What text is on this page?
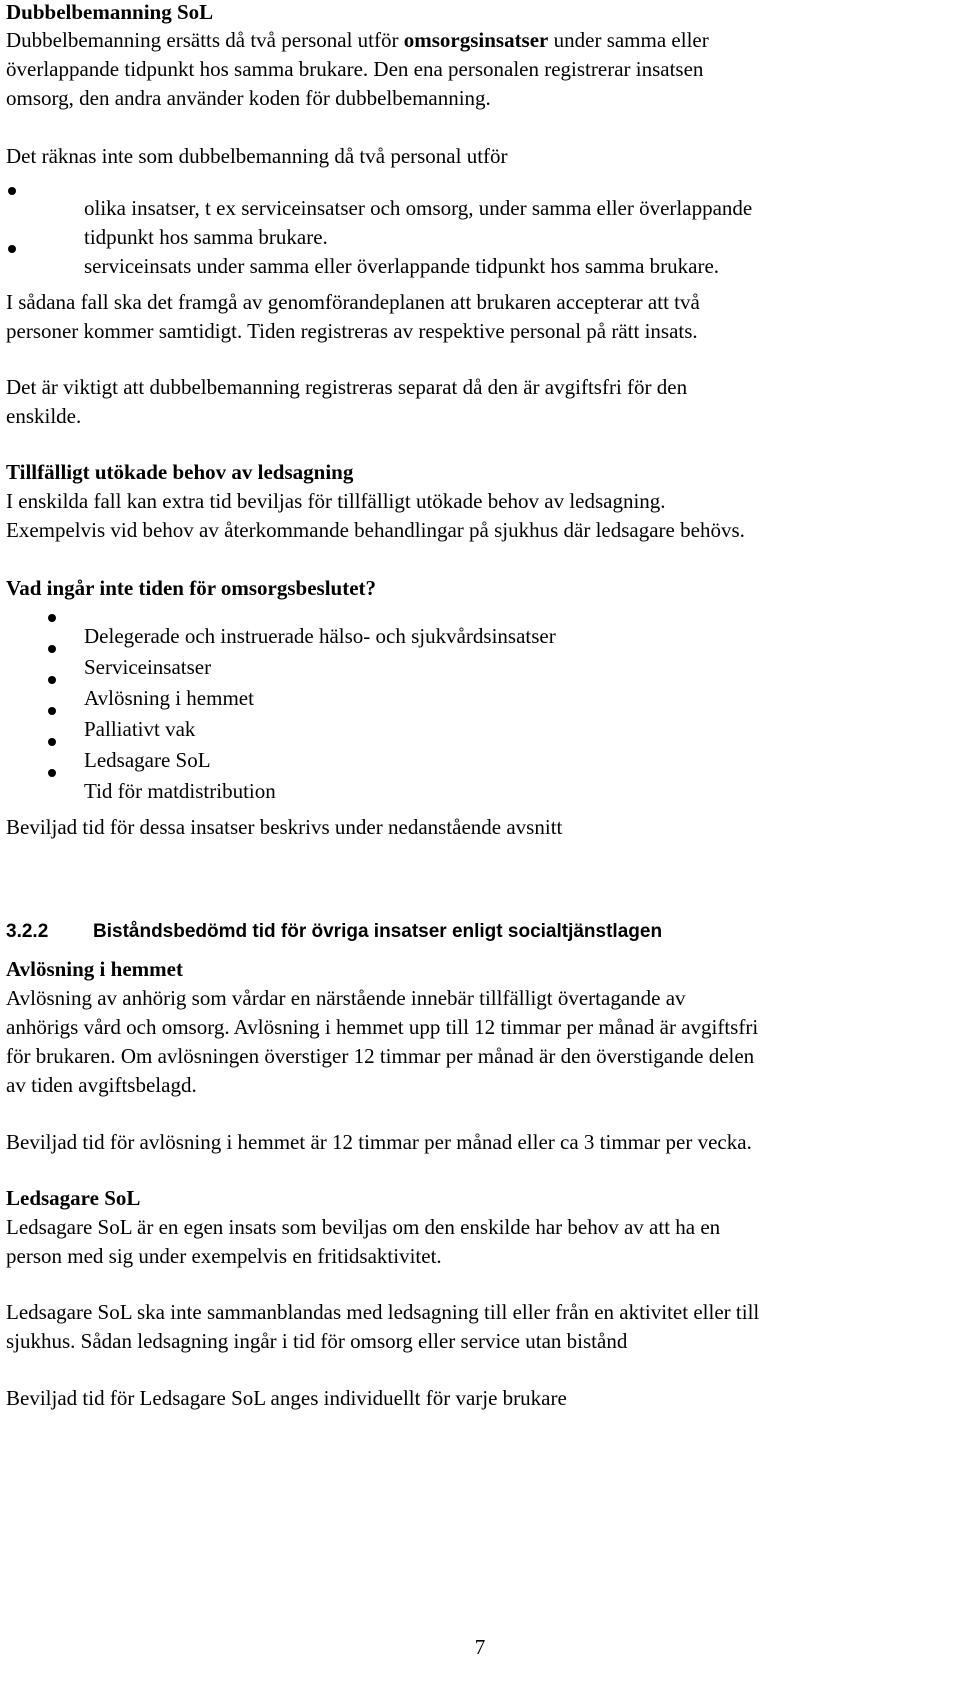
Dubbelbemanning SoL

Dubbelbemanning ersätts då två personal utför omsorgsinsatser under samma eller

överlappande tidpunkt hos samma brukare. Den ena personalen registrerar insatsen

omsorg, den andra använder koden för dubbelbemanning.

Det räknas inte som dubbelbemanning då två personal utför

olika insatser, t ex serviceinsatser och omsorg, under samma eller överlappande

tidpunkt hos samma brukare.

serviceinsats under samma eller överlappande tidpunkt hos samma brukare.

I sådana fall ska det framgå av genomförandeplanen att brukaren accepterar att två

personer kommer samtidigt. Tiden registreras av respektive personal på rätt insats.

Det är viktigt att dubbelbemanning registreras separat då den är avgiftsfri för den

enskilde.

Tillfälligt utökade behov av ledsagning

I enskilda fall kan extra tid beviljas för tillfälligt utökade behov av ledsagning.

Exempelvis vid behov av återkommande behandlingar på sjukhus där ledsagare behövs.

Vad ingår inte tiden för omsorgsbeslutet?

Delegerade och instruerade hälso- och sjukvårdsinsatser

Serviceinsatser

Avlösning i hemmet

Palliativt vak

Ledsagare SoL

Tid för matdistribution

Beviljad tid för dessa insatser beskrivs under nedanstående avsnitt

3.2.2 Biståndsbedömd tid för övriga insatser enligt socialtjänstlagen

Avlösning i hemmet

Avlösning av anhörig som vårdar en närstående innebär tillfälligt övertagande av

anhörigs vård och omsorg. Avlösning i hemmet upp till 12 timmar per månad är avgiftsfri

för brukaren. Om avlösningen överstiger 12 timmar per månad är den överstigande delen

av tiden avgiftsbelagd.

Beviljad tid för avlösning i hemmet är 12 timmar per månad eller ca 3 timmar per vecka.

Ledsagare SoL

Ledsagare SoL är en egen insats som beviljas om den enskilde har behov av att ha en

person med sig under exempelvis en fritidsaktivitet.

Ledsagare SoL ska inte sammanblandas med ledsagning till eller från en aktivitet eller till

sjukhus. Sådan ledsagning ingår i tid för omsorg eller service utan bistånd

Beviljad tid för Ledsagare SoL anges individuellt för varje brukare

7
